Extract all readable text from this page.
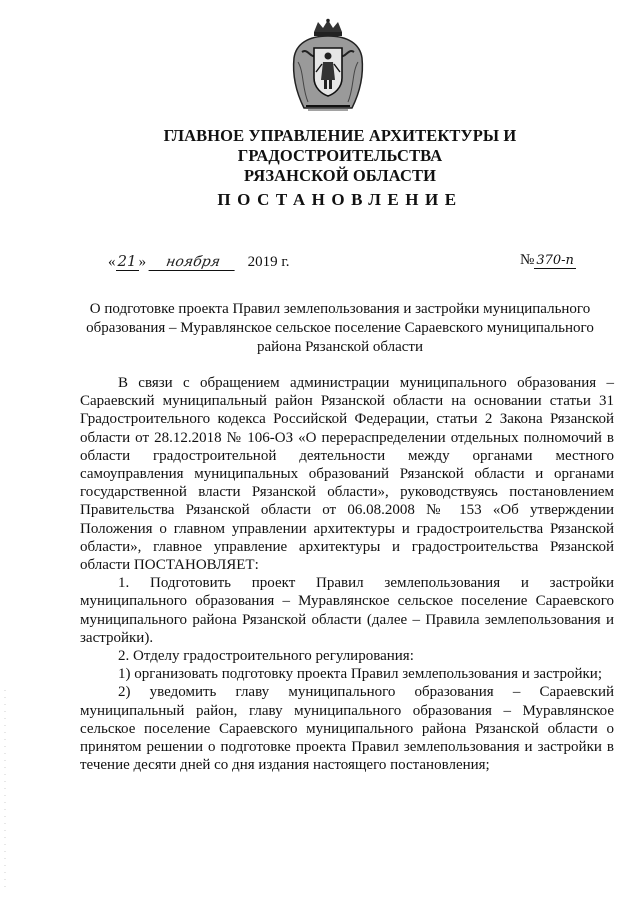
ГЛАВНОЕ УПРАВЛЕНИЕ АРХИТЕКТУРЫ И ГРАДОСТРОИТЕЛЬСТВА
РЯЗАНСКОЙ ОБЛАСТИ
ПОСТАНОВЛЕНИЕ
« 21 » ноября 2019 г.	№ 370-п
О подготовке проекта Правил землепользования и застройки муниципального
образования – Муравлянское сельское поселение Сараевского муниципального
района Рязанской области

В связи с обращением администрации муниципального образования – Сараевский муниципальный район Рязанской области на основании статьи 31 Градостроительного кодекса Российской Федерации, статьи 2 Закона Рязанской области от 28.12.2018 № 106-ОЗ «О перераспределении отдельных полномочий в области градостроительной деятельности между органами местного самоуправления муниципальных образований Рязанской области и органами государственной власти Рязанской области», руководствуясь постановлением Правительства Рязанской области от 06.08.2008 № 153 «Об утверждении Положения о главном управлении архитектуры и градостроительства Рязанской области», главное управление архитектуры и градостроительства Рязанской области ПОСТАНОВЛЯЕТ:

1. Подготовить проект Правил землепользования и застройки муниципального образования – Муравлянское сельское поселение Сараевского муниципального района Рязанской области (далее – Правила землепользования и застройки).

2. Отделу градостроительного регулирования:

1) организовать подготовку проекта Правил землепользования и застройки;

2) уведомить главу муниципального образования – Сараевский муниципальный район, главу муниципального образования – Муравлянское сельское поселение Сараевского муниципального района Рязанской области о принятом решении о подготовке проекта Правил землепользования и застройки в течение десяти дней со дня издания настоящего постановления;
